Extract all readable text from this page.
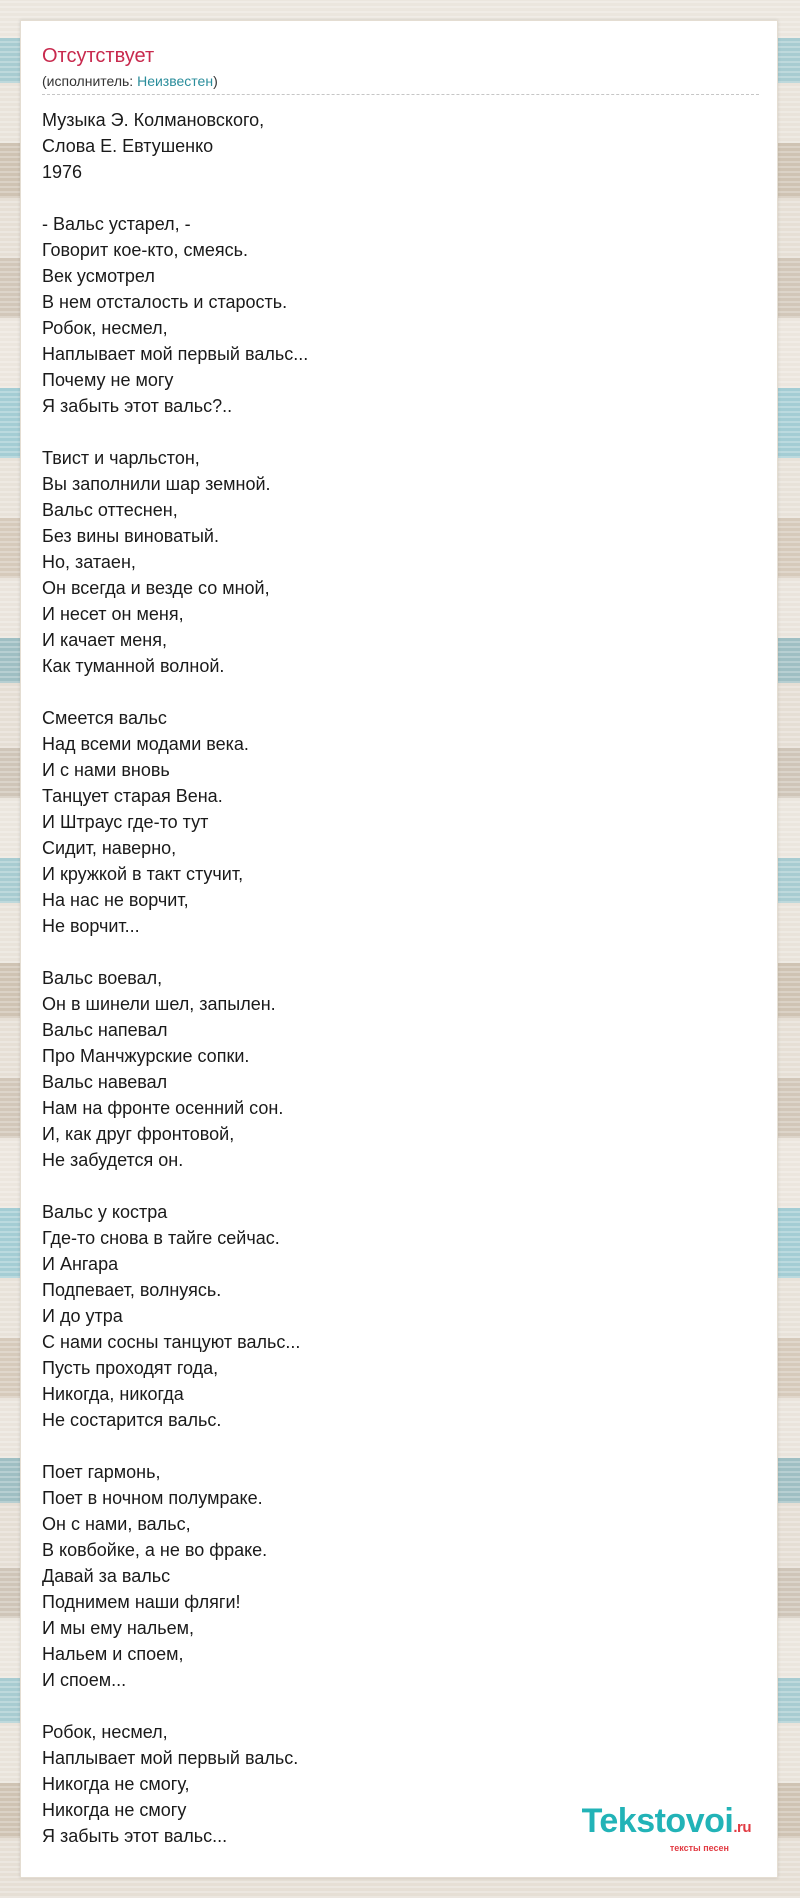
Отсутствует
(исполнитель: Неизвестен)
Музыка Э. Колмановского,
Слова Е. Евтушенко
1976

- Вальс устарел, -
Говорит кое-кто, смеясь.
Век усмотрел
В нем отсталость и старость.
Робок, несмел,
Наплывает мой первый вальс...
Почему не могу
Я забыть этот вальс?..

Твист и чарльстон,
Вы заполнили шар земной.
Вальс оттеснен,
Без вины виноватый.
Но, затаен,
Он всегда и везде со мной,
И несет он меня,
И качает меня,
Как туманной волной.

Смеется вальс
Над всеми модами века.
И с нами вновь
Танцует старая Вена.
И Штраус где-то тут
Сидит, наверно,
И кружкой в такт стучит,
На нас не ворчит,
Не ворчит...

Вальс воевал,
Он в шинели шел, запылен.
Вальс напевал
Про Манчжурские сопки.
Вальс навевал
Нам на фронте осенний сон.
И, как друг фронтовой,
Не забудется он.

Вальс у костра
Где-то снова в тайге сейчас.
И Ангара
Подпевает, волнуясь.
И до утра
С нами сосны танцуют вальс...
Пусть проходят года,
Никогда, никогда
Не состарится вальс.

Поет гармонь,
Поет в ночном полумраке.
Он с нами, вальс,
В ковбойке, а не во фраке.
Давай за вальс
Поднимем наши фляги!
И мы ему нальем,
Нальем и споем,
И споем...

Робок, несмел,
Наплывает мой первый вальс.
Никогда не смогу,
Никогда не смогу
Я забыть этот вальс...	Tekstovoi.ru
тексты песен
